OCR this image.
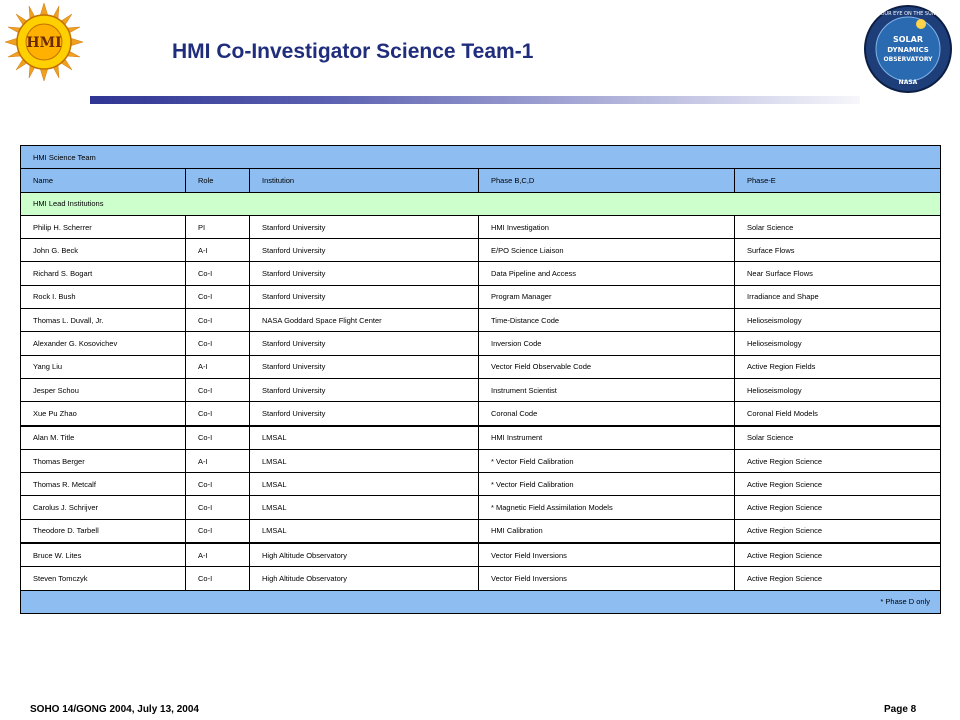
HMI	HMI Co-Investigator Science Team-1
OUR EYE ON THE SUN
SOLAR
DYNAMICS
OBSERVATORY
NASA
HMI Science Team				
Name	Role	Institution	Phase B,C,D	Phase-E
HMI Lead Institutions				
Philip H. Scherrer	PI	Stanford University	HMI Investigation	Solar Science
John G. Beck	A-I	Stanford University	E/PO Science Liaison	Surface Flows
Richard S. Bogart	Co-I	Stanford University	Data Pipeline and Access	Near Surface Flows
Rock I. Bush	Co-I	Stanford University	Program Manager	Irradiance and Shape
Thomas L. Duvall, Jr.	Co-I	NASA Goddard Space Flight Center	Time-Distance Code	Helioseismology
Alexander G. Kosovichev	Co-I	Stanford University	Inversion Code	Helioseismology
Yang Liu	A-I	Stanford University	Vector Field Observable Code	Active Region Fields
Jesper Schou	Co-I	Stanford University	Instrument Scientist	Helioseismology
Xue Pu Zhao	Co-I	Stanford University	Coronal Code	Coronal Field Models
Alan M. Title	Co-I	LMSAL	HMI Instrument	Solar Science
Thomas Berger	A-I	LMSAL	* Vector Field Calibration	Active Region Science
Thomas R. Metcalf	Co-I	LMSAL	* Vector Field Calibration	Active Region Science
Carolus J. Schrijver	Co-I	LMSAL	* Magnetic Field Assimilation Models	Active Region Science
Theodore D. Tarbell	Co-I	LMSAL	HMI Calibration	Active Region Science
Bruce W. Lites	A-I	High Altitude Observatory	Vector Field Inversions	Active Region Science
Steven Tomczyk	Co-I	High Altitude Observatory	Vector Field Inversions	Active Region Science
* Phase D only				
SOHO 14/GONG 2004, July 13, 2004	Page 8
